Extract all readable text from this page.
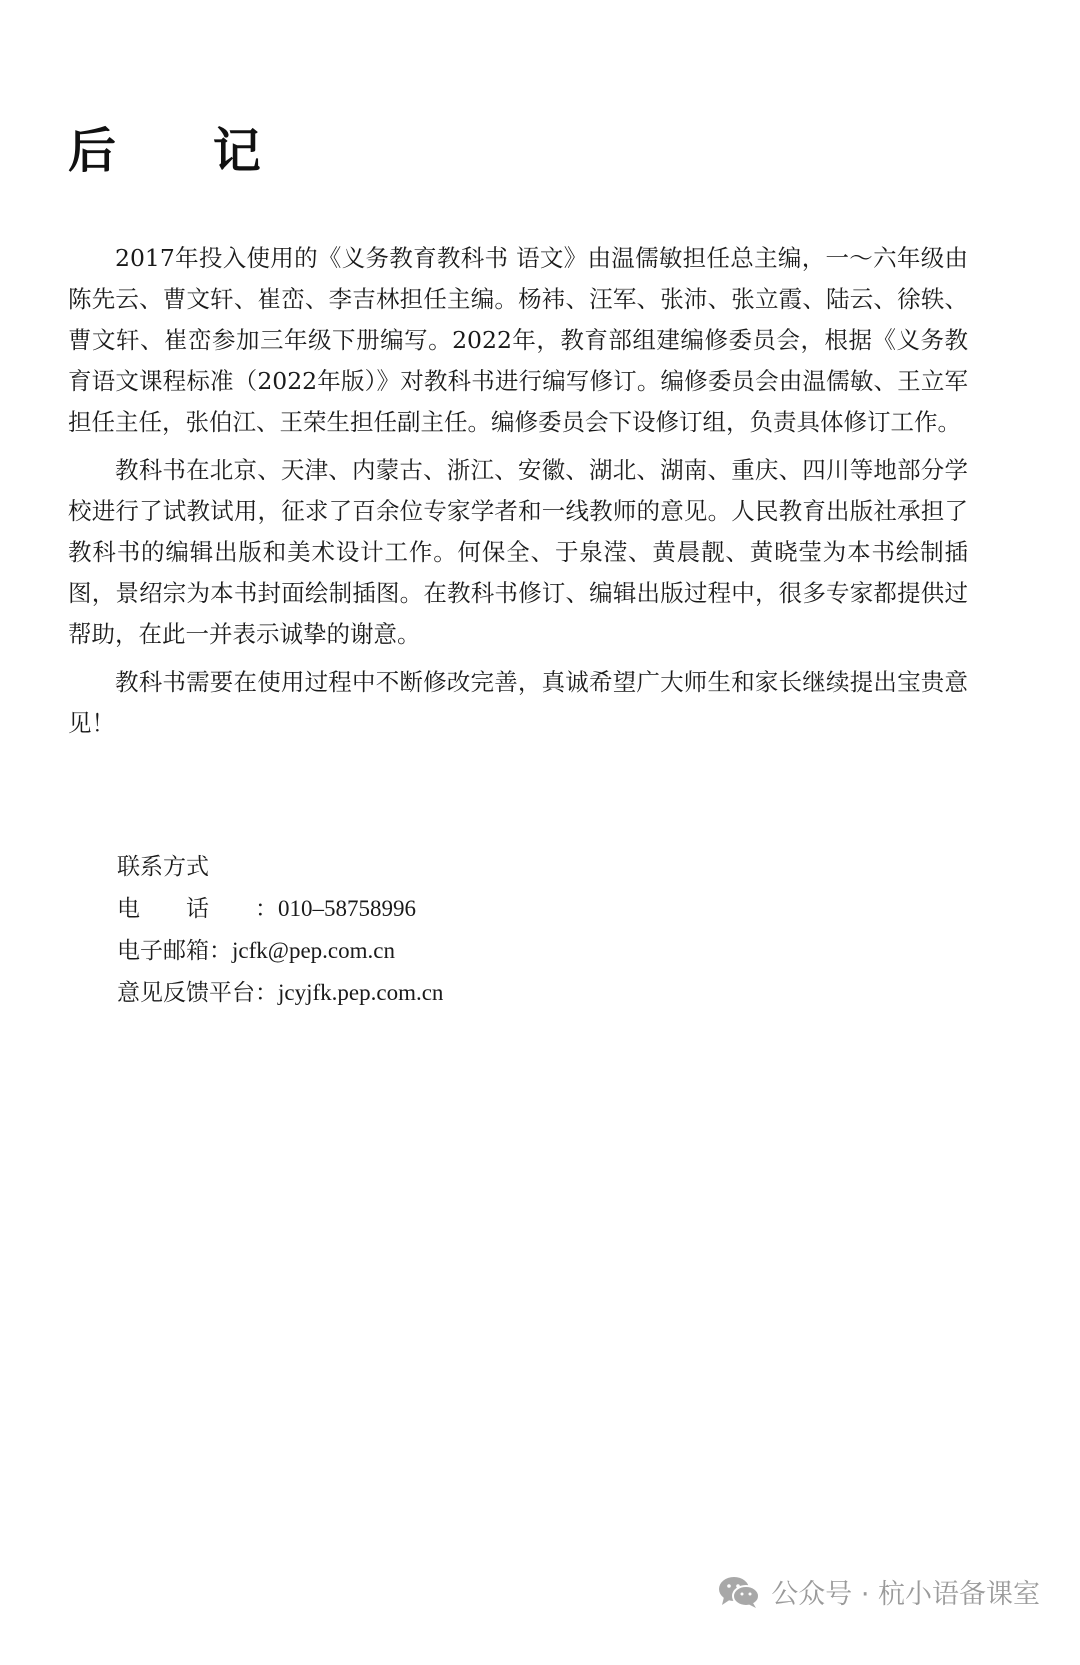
后 记

2017年投入使用的《义务教育教科书 语文》由温儒敏担任总主编，一～六年级由陈先云、曹文轩、崔峦、李吉林担任主编。杨袆、汪军、张沛、张立霞、陆云、徐轶、曹文轩、崔峦参加三年级下册编写。2022年，教育部组建编修委员会，根据《义务教育语文课程标准（2022年版）》对教科书进行编写修订。编修委员会由温儒敏、王立军担任主任，张伯江、王荣生担任副主任。编修委员会下设修订组，负责具体修订工作。

教科书在北京、天津、内蒙古、浙江、安徽、湖北、湖南、重庆、四川等地部分学校进行了试教试用，征求了百余位专家学者和一线教师的意见。人民教育出版社承担了教科书的编辑出版和美术设计工作。何保全、于泉滢、黄晨靓、黄晓莹为本书绘制插图，景绍宗为本书封面绘制插图。在教科书修订、编辑出版过程中，很多专家都提供过帮助，在此一并表示诚挚的谢意。

教科书需要在使用过程中不断修改完善，真诚希望广大师生和家长继续提出宝贵意见！

联系方式
电话：010–58758996
电子邮箱：jcfk@pep.com.cn
意见反馈平台：jcyjfk.pep.com.cn
公众号 · 杭小语备课室
